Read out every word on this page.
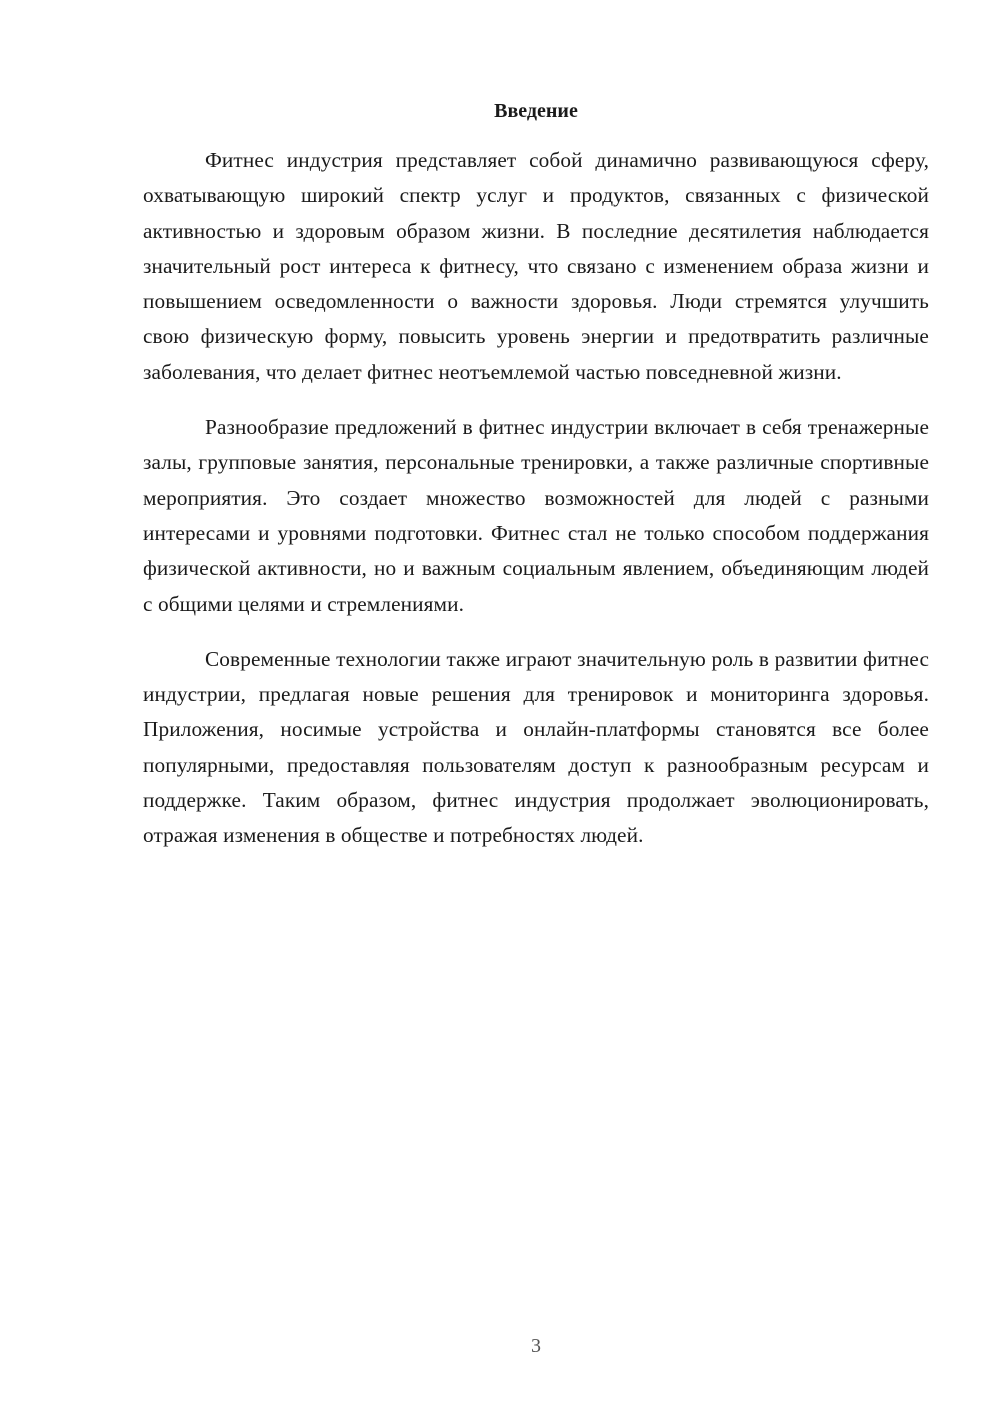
Введение

Фитнес индустрия представляет собой динамично развивающуюся сферу, охватывающую широкий спектр услуг и продуктов, связанных с физической активностью и здоровым образом жизни. В последние десятилетия наблюдается значительный рост интереса к фитнесу, что связано с изменением образа жизни и повышением осведомленности о важности здоровья. Люди стремятся улучшить свою физическую форму, повысить уровень энергии и предотвратить различные заболевания, что делает фитнес неотъемлемой частью повседневной жизни.

Разнообразие предложений в фитнес индустрии включает в себя тренажерные залы, групповые занятия, персональные тренировки, а также различные спортивные мероприятия. Это создает множество возможностей для людей с разными интересами и уровнями подготовки. Фитнес стал не только способом поддержания физической активности, но и важным социальным явлением, объединяющим людей с общими целями и стремлениями.

Современные технологии также играют значительную роль в развитии фитнес индустрии, предлагая новые решения для тренировок и мониторинга здоровья. Приложения, носимые устройства и онлайн-платформы становятся все более популярными, предоставляя пользователям доступ к разнообразным ресурсам и поддержке. Таким образом, фитнес индустрия продолжает эволюционировать, отражая изменения в обществе и потребностях людей.

3
